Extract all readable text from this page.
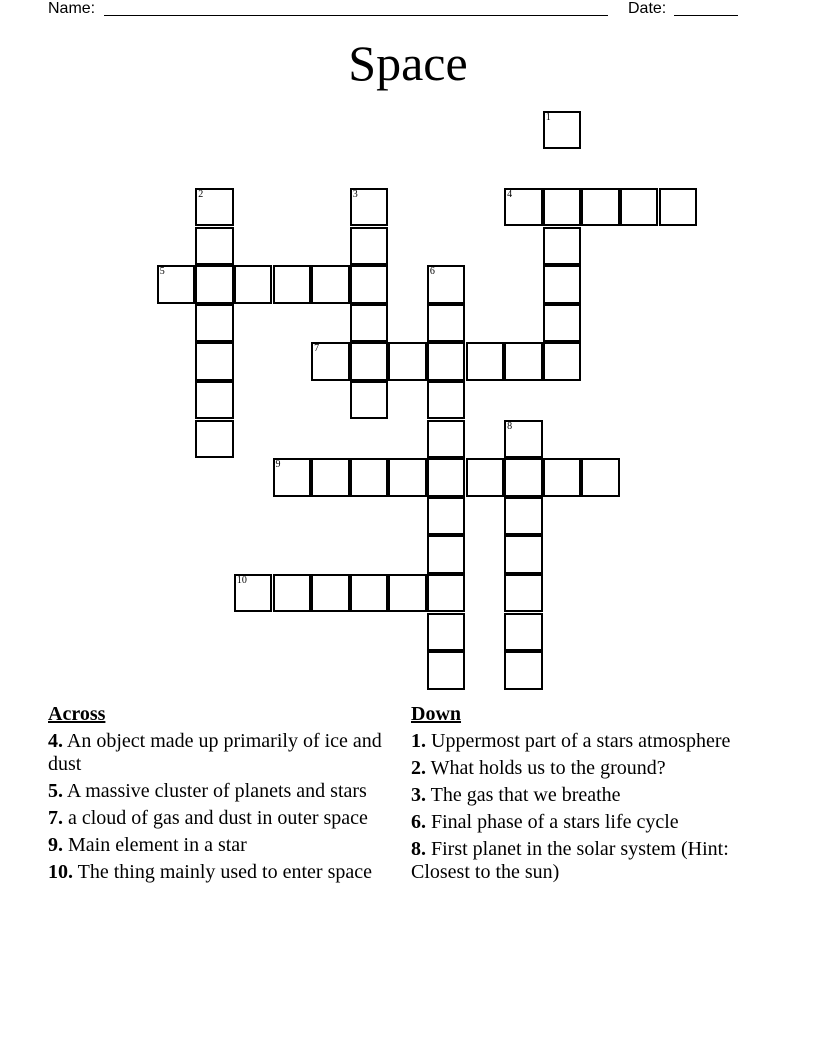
Name:	Date:
Space
1
2	3	4
5	6
7
8
9
10
Across
4. An object made up primarily of ice and dust
5. A massive cluster of planets and stars
7. a cloud of gas and dust in outer space
9. Main element in a star
10. The thing mainly used to enter space
Down
1. Uppermost part of a stars atmosphere
2. What holds us to the ground?
3. The gas that we breathe
6. Final phase of a stars life cycle
8. First planet in the solar system (Hint: Closest to the sun)
